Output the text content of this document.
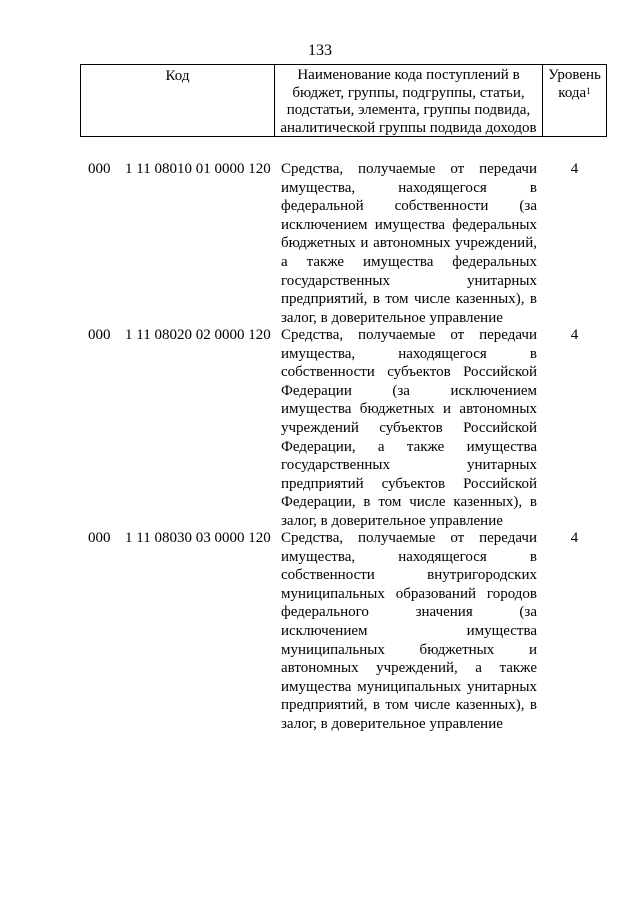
133
Код	Наименование кода поступлений в бюджет, группы, подгруппы, статьи, подстатьи, элемента, группы подвида, аналитической группы подвида доходов
Уровень кода$^1$
000 1 11 08010 01 0000 120 Средства, получаемые от передачи имущества, находящегося в федеральной собственности (за исключением имущества федеральных бюджетных и автономных учреждений, а также имущества федеральных государственных унитарных предприятий, в том числе казенных), в залог, в доверительное управление
4
000 1 11 08020 02 0000 120 Средства, получаемые от передачи имущества, находящегося в собственности субъектов Российской Федерации (за исключением имущества бюджетных и автономных учреждений субъектов Российской Федерации, а также имущества государственных унитарных предприятий субъектов Российской Федерации, в том числе казенных), в залог, в доверительное управление
4
000 1 11 08030 03 0000 120 Средства, получаемые от передачи имущества, находящегося в собственности внутригородских муниципальных образований городов федерального значения (за исключением имущества муниципальных бюджетных и автономных учреждений, а также имущества муниципальных унитарных предприятий, в том числе казенных), в залог, в доверительное управление
4
